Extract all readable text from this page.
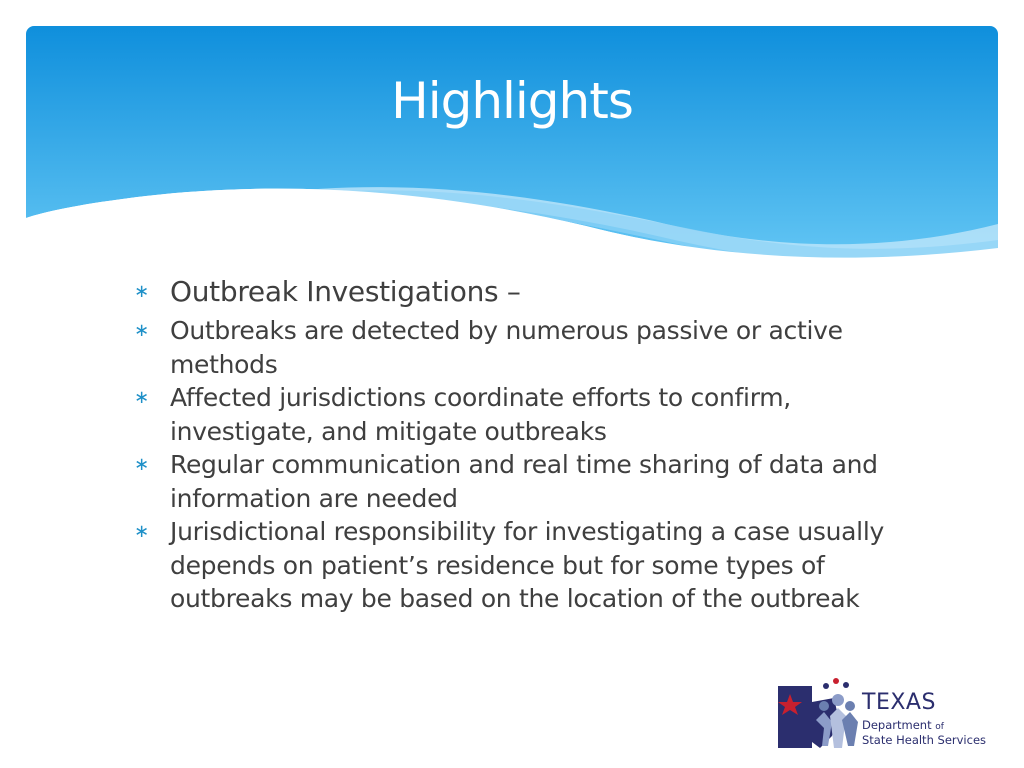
Highlights
∗ Outbreak Investigations –
∗ Outbreaks are detected by numerous passive or active methods
∗ Affected jurisdictions coordinate efforts to confirm, investigate, and mitigate outbreaks
∗ Regular communication and real time sharing of data and information are needed
∗ Jurisdictional responsibility for investigating a case usually depends on patient’s residence but for some types of outbreaks may be based on the location of the outbreak
TEXAS
Department of
State Health Services
